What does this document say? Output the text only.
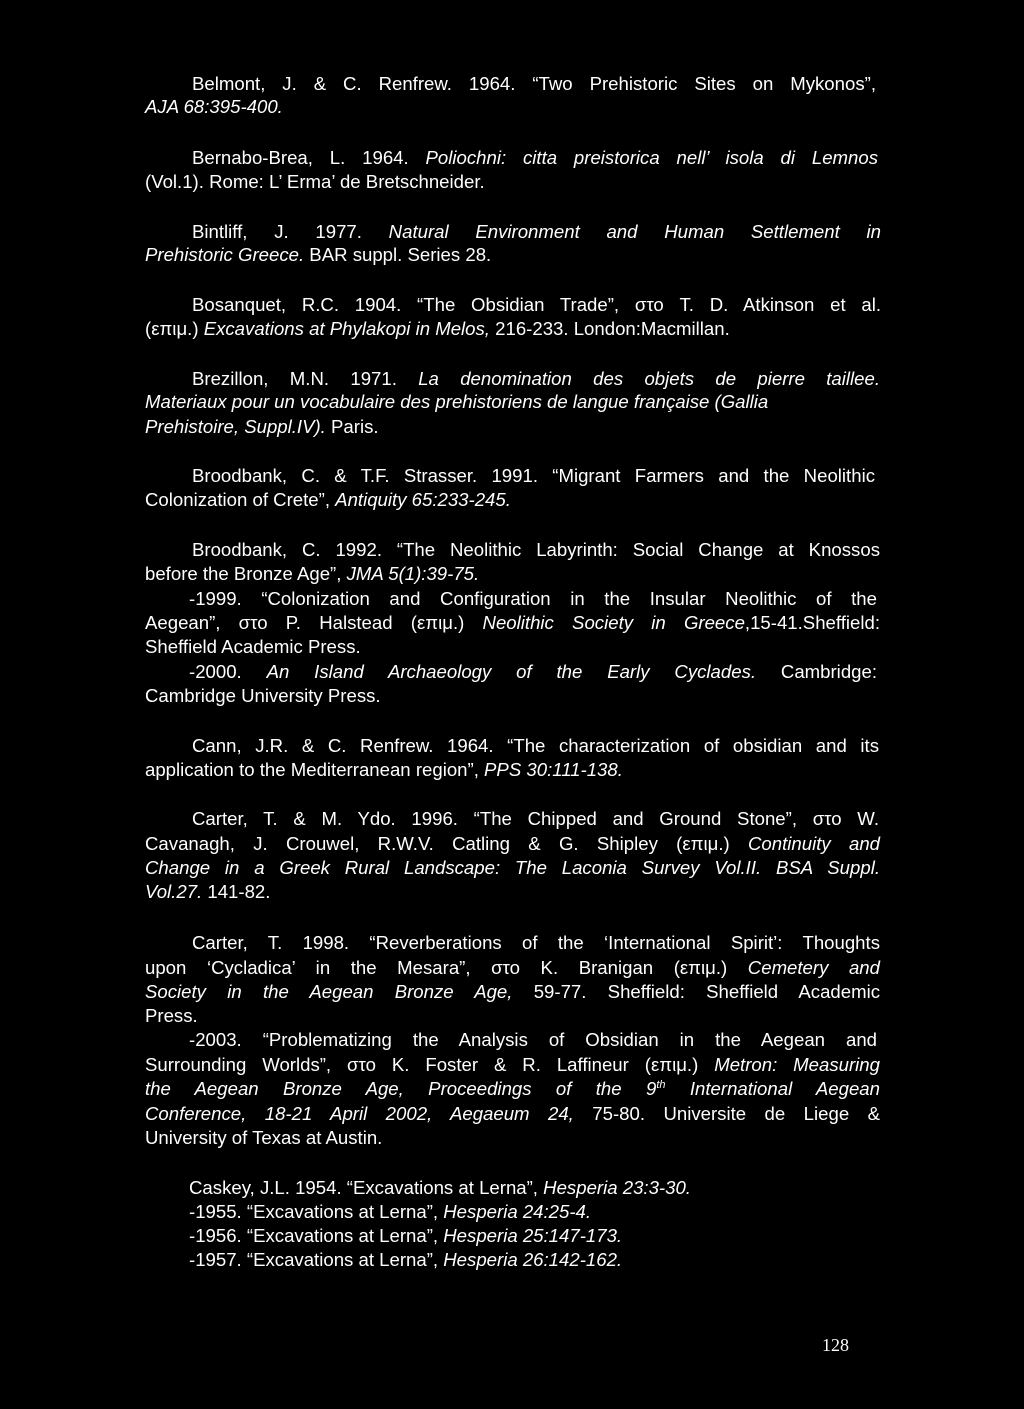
128
Belmont, J. & C. Renfrew. 1964. “Two Prehistoric Sites on Mykonos”,
AJA 68:395-400.
Bernabo-Brea, L. 1964. Poliochni: citta preistorica nell’ isola di Lemnos
(Vol.1). Rome: L’ Erma’ de Bretschneider.
Bintliff, J. 1977. Natural Environment and Human Settlement in
Prehistoric Greece. BAR suppl. Series 28.
Bosanquet, R.C. 1904. “The Obsidian Trade”, στο T. D. Atkinson et al.
(επιμ.) Excavations at Phylakopi in Melos, 216-233. London:Macmillan.
Brezillon, M.N. 1971. La denomination des objets de pierre taillee.
Materiaux pour un vocabulaire des prehistoriens de langue française (Gallia
Prehistoire, Suppl.IV). Paris.
Broodbank, C. & T.F. Strasser. 1991. “Migrant Farmers and the Neolithic
Colonization of Crete”, Antiquity 65:233-245.
Broodbank, C. 1992. “The Neolithic Labyrinth: Social Change at Knossos
before the Bronze Age”, JMA 5(1):39-75.
-1999. “Colonization and Configuration in the Insular Neolithic of the
Aegean”, στο P. Halstead (επιμ.) Neolithic Society in Greece,15-41.Sheffield:
Sheffield Academic Press.
-2000. An Island Archaeology of the Early Cyclades. Cambridge:
Cambridge University Press.
Cann, J.R. & C. Renfrew. 1964. “The characterization of obsidian and its
application to the Mediterranean region”, PPS 30:111-138.
Carter, T. & M. Ydo. 1996. “The Chipped and Ground Stone”, στο W.
Cavanagh, J. Crouwel, R.W.V. Catling & G. Shipley (επιμ.) Continuity and
Change in a Greek Rural Landscape: The Laconia Survey Vol.II. BSA Suppl.
Vol.27. 141-82.
Carter, T. 1998. “Reverberations of the ‘International Spirit’: Thoughts
upon ‘Cycladica’ in the Mesara”, στο K. Branigan (επιμ.) Cemetery and
Society in the Aegean Bronze Age, 59-77. Sheffield: Sheffield Academic
Press.
-2003. “Problematizing the Analysis of Obsidian in the Aegean and
Surrounding Worlds”, στο K. Foster & R. Laffineur (επιμ.) Metron: Measuring
the Aegean Bronze Age, Proceedings of the 9th International Aegean
Conference, 18-21 April 2002, Aegaeum 24, 75-80. Universite de Liege &
University of Texas at Austin.
Caskey, J.L. 1954. “Excavations at Lerna”, Hesperia 23:3-30.
-1955. “Excavations at Lerna”, Hesperia 24:25-4.
-1956. “Excavations at Lerna”, Hesperia 25:147-173.
-1957. “Excavations at Lerna”, Hesperia 26:142-162.
